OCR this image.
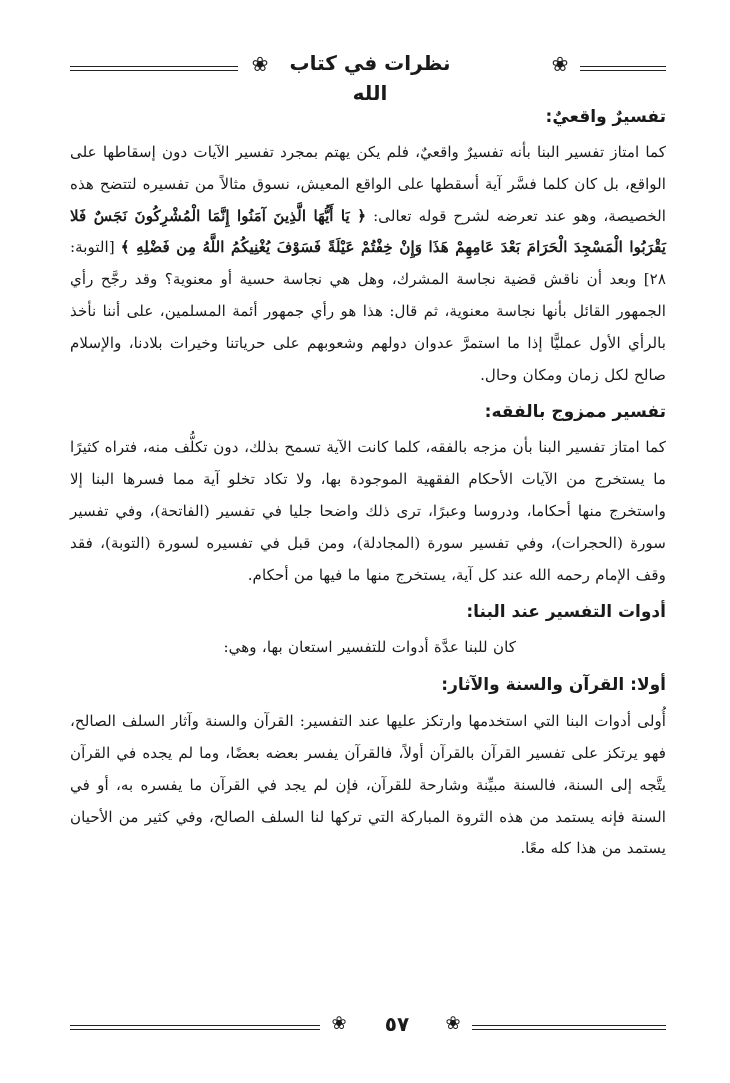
❀
نظرات في كتاب الله
❀
تفسيرٌ واقعيٌ:

كما امتاز تفسير البنا بأنه تفسيرٌ واقعيٌ، فلم يكن يهتم بمجرد تفسير الآيات دون إسقاطها على الواقع، بل كان كلما فسَّر آية أسقطها على الواقع المعيش، نسوق مثالاً من تفسيره لتتضح هذه الخصيصة، وهو عند تعرضه لشرح قوله تعالى: ﴿ يَا أَيُّهَا الَّذِينَ آمَنُوا إِنَّمَا الْمُشْرِكُونَ نَجَسٌ فَلا يَقْرَبُوا الْمَسْجِدَ الْحَرَامَ بَعْدَ عَامِهِمْ هَذَا وَإِنْ خِفْتُمْ عَيْلَةً فَسَوْفَ يُغْنِيكُمُ اللَّهُ مِن فَضْلِهِ ﴾ [التوبة: ٢٨] وبعد أن ناقش قضية نجاسة المشرك، وهل هي نجاسة حسية أو معنوية؟ وقد رجَّح رأي الجمهور القائل بأنها نجاسة معنوية، ثم قال: هذا هو رأي جمهور أئمة المسلمين، على أننا نأخذ بالرأي الأول عمليًّا إذا ما استمرَّ عدوان دولهم وشعوبهم على حرياتنا وخيرات بلادنا، والإسلام صالح لكل زمان ومكان وحال.

تفسير ممزوج بالفقه:

كما امتاز تفسير البنا بأن مزجه بالفقه، كلما كانت الآية تسمح بذلك، دون تكلُّف منه، فتراه كثيرًا ما يستخرج من الآيات الأحكام الفقهية الموجودة بها، ولا تكاد تخلو آية مما فسرها البنا إلا واستخرج منها أحكاما، ودروسا وعبرًا، ترى ذلك واضحا جليا في تفسير (الفاتحة)، وفي تفسير سورة (الحجرات)، وفي تفسير سورة (المجادلة)، ومن قبل في تفسيره لسورة (التوبة)، فقد وقف الإمام رحمه الله عند كل آية، يستخرج منها ما فيها من أحكام.

أدوات التفسير عند البنا:

كان للبنا عدَّة أدوات للتفسير استعان بها، وهي:

أولا: القرآن والسنة والآثار:

أُولى أدوات البنا التي استخدمها وارتكز عليها عند التفسير: القرآن والسنة وآثار السلف الصالح، فهو يرتكز على تفسير القرآن بالقرآن أولاً، فالقرآن يفسر بعضه بعضًا، وما لم يجده في القرآن يتَّجه إلى السنة، فالسنة مبيِّنة وشارحة للقرآن، فإن لم يجد في القرآن ما يفسره به، أو في السنة فإنه يستمد من هذه الثروة المباركة التي تركها لنا السلف الصالح، وفي كثير من الأحيان يستمد من هذا كله معًا.

❀
٥٧
❀
